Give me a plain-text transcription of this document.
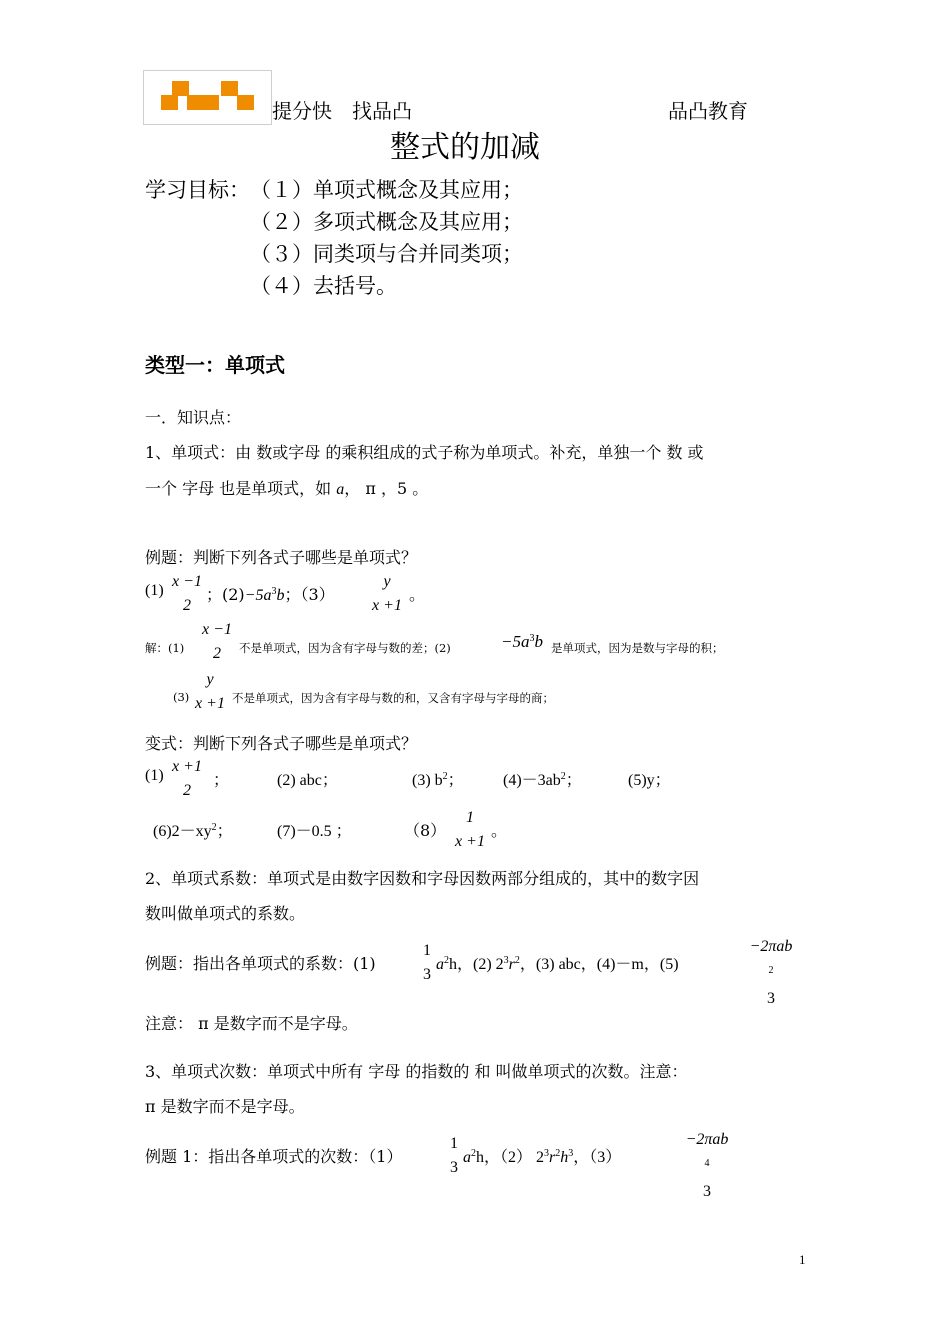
提分快　找品凸	品凸教育
整式的加减
学习目标： （１）单项式概念及其应用；
（２）多项式概念及其应用；
（３）同类项与合并同类项；
（４）去括号。
类型一：单项式
一．知识点：
1、单项式：由 数或字母 的乘积组成的式子称为单项式。补充，单独一个 数 或
一个 字母 也是单项式，如 a， π ，5 。
例题：判断下列各式子哪些是单项式？
(1)
x −1
2
；$(2)-5a^3b$；（3）
y
x +1
。
解：(1)
x −1
2	不是单项式，因为含有字母与数的差；(2)	$-5a^3b$ 是单项式，因为是数与字母的积；
(3)
y
x +1 不是单项式，因为含有字母与数的和，又含有字母与字母的商；
变式：判断下列各式子哪些是单项式？
(1)
x +1
2
；	(2) abc；	(3) $b^2$； $(4)-3ab^2$；	(5)y；
$(6)2-xy^2$；	(7)－0.5 ；	（8）
1
x +1
。
2、单项式系数：单项式是由数字因数和字母因数两部分组成的，其中的数字因
数叫做单项式的系数。
例题：指出各单项式的系数：(1)
1
3
$a^2h$，(2) $2^3r^2$，(3) abc，(4)－m，(5)
−2πab
$^2$
3
注意： π 是数字而不是字母。
3、单项式次数：单项式中所有 字母 的指数的 和 叫做单项式的次数。注意：
π 是数字而不是字母。
例题 1：指出各单项式的次数：（1）
1
3
$a^2h$，（2） $2^3r^2h^3$，（3）
−2πab
$^4$
3
1
